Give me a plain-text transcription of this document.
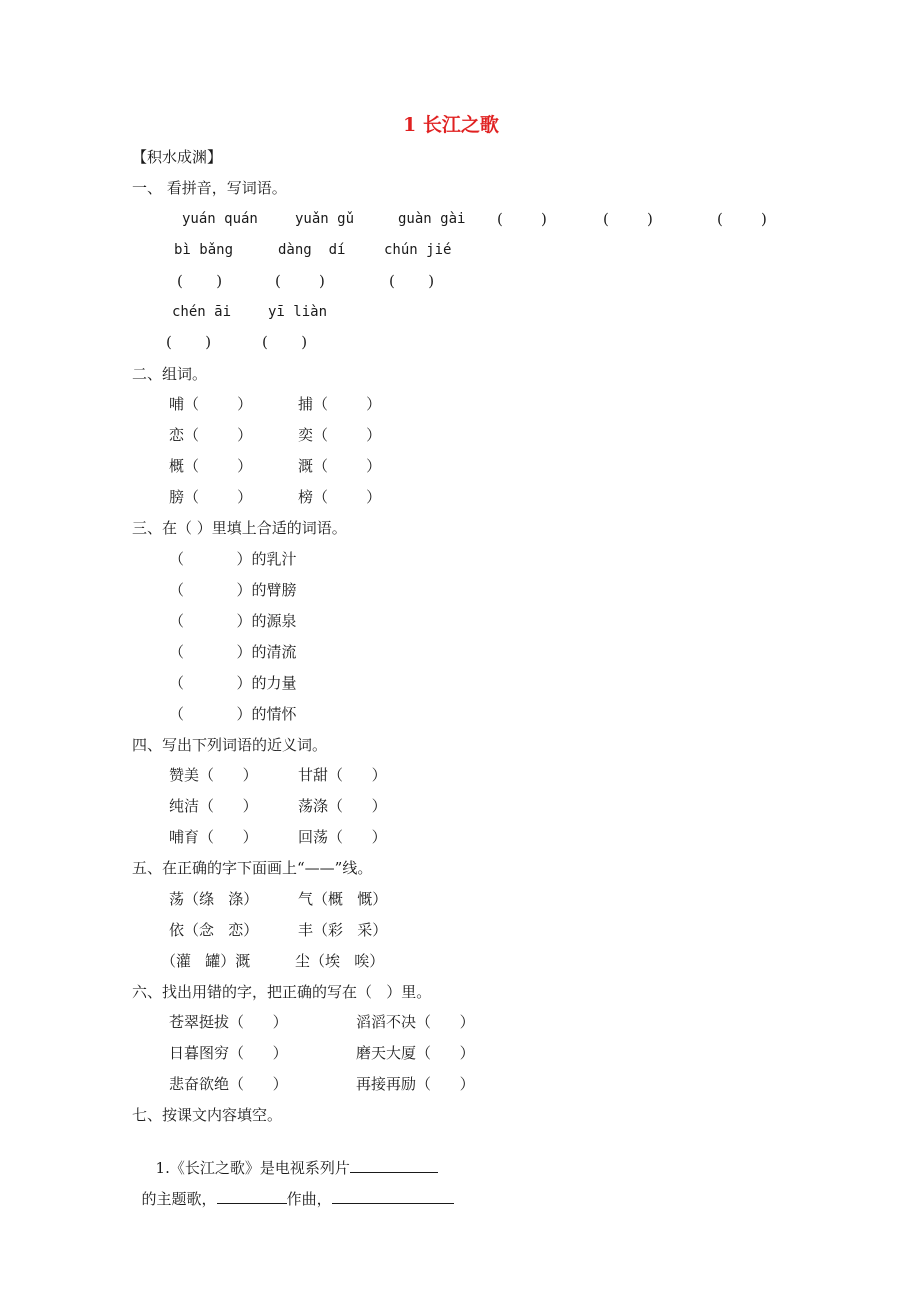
1 长江之歌
【积水成渊】
一、 看拼音，写词语。
yuán quán	yuǎn gǔ	guàn gài (        )	(        )	(        )
bì bǎng	dàng  dí	chún jié
(       )	(        )	(       )
chén āi	yī liàn
(       )	(       )
二、组词。
哺（        ）	捕（        ）
恋（        ）	奕（        ）
概（        ）	溉（        ）
膀（        ）	榜（        ）
三、在（ ）里填上合适的词语。
（           ）的乳汁
（           ）的臂膀
（           ）的源泉
（           ）的清流
（           ）的力量
（           ）的情怀
四、写出下列词语的近义词。
赞美（      ）	甘甜（      ）
纯洁（      ）	荡涤（      ）
哺育（      ）	回荡（      ）
五、在正确的字下面画上“——”线。
荡（绦   涤）	气（概   慨）
依（念   恋）	丰（彩   采）
（灌   罐）溉	尘（埃   唉）
六、找出用错的字，把正确的写在（   ）里。
苍翠挺拔（      ）	滔滔不决（      ）
日暮图穷（      ）	磨天大厦（      ）
悲奋欲绝（      ）	再接再励（      ）
七、按课文内容填空。

1.《长江之歌》是电视系列片

的主题歌，	作曲，
